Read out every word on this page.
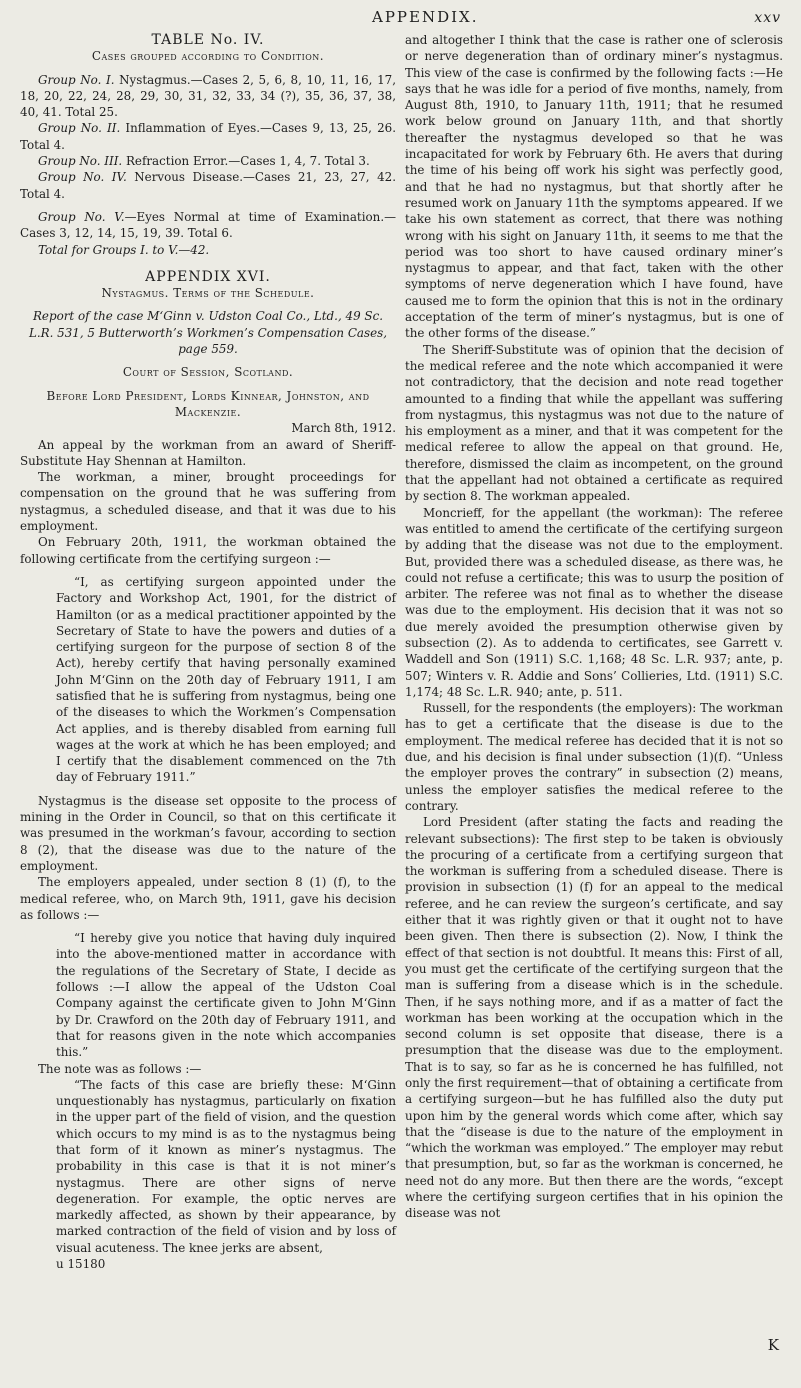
APPENDIX.	xxv

TABLE No. IV.

Cases grouped according to Condition.

Group No. I. Nystagmus.—Cases 2, 5, 6, 8, 10, 11, 16, 17, 18, 20, 22, 24, 28, 29, 30, 31, 32, 33, 34 (?), 35, 36, 37, 38, 40, 41. Total 25.

Group No. II. Inflammation of Eyes.—Cases 9, 13, 25, 26. Total 4.

Group No. III. Refraction Error.—Cases 1, 4, 7. Total 3.

Group No. IV. Nervous Disease.—Cases 21, 23, 27, 42. Total 4.

Group No. V.—Eyes Normal at time of Examination.—Cases 3, 12, 14, 15, 19, 39. Total 6.

Total for Groups I. to V.—42.

APPENDIX XVI.

Nystagmus. Terms of the Schedule.

Report of the case M‘Ginn v. Udston Coal Co., Ltd., 49 Sc. L.R. 531, 5 Butterworth’s Workmen’s Compensation Cases, page 559.

Court of Session, Scotland.

Before Lord President, Lords Kinnear, Johnston, and Mackenzie.

March 8th, 1912.

An appeal by the workman from an award of Sheriff-Substitute Hay Shennan at Hamilton.

The workman, a miner, brought proceedings for compensation on the ground that he was suffering from nystagmus, a scheduled disease, and that it was due to his employment.

On February 20th, 1911, the workman obtained the following certificate from the certifying surgeon :—

“I, as certifying surgeon appointed under the Factory and Workshop Act, 1901, for the district of Hamilton (or as a medical practitioner appointed by the Secretary of State to have the powers and duties of a certifying surgeon for the purpose of section 8 of the Act), hereby certify that having personally examined John M‘Ginn on the 20th day of February 1911, I am satisfied that he is suffering from nystagmus, being one of the diseases to which the Workmen’s Compensation Act applies, and is thereby disabled from earning full wages at the work at which he has been employed; and I certify that the disablement commenced on the 7th day of February 1911.”

Nystagmus is the disease set opposite to the process of mining in the Order in Council, so that on this certificate it was presumed in the workman’s favour, according to section 8 (2), that the disease was due to the nature of the employment.

The employers appealed, under section 8 (1) (f), to the medical referee, who, on March 9th, 1911, gave his decision as follows :—

“I hereby give you notice that having duly inquired into the above-mentioned matter in accordance with the regulations of the Secretary of State, I decide as follows :—I allow the appeal of the Udston Coal Company against the certificate given to John M‘Ginn by Dr. Crawford on the 20th day of February 1911, and that for reasons given in the note which accompanies this.”

The note was as follows :—

“The facts of this case are briefly these: M‘Ginn unquestionably has nystagmus, particularly on fixation in the upper part of the field of vision, and the question which occurs to my mind is as to the nystagmus being that form of it known as miner’s nystagmus. The probability in this case is that it is not miner’s nystagmus. There are other signs of nerve degeneration. For example, the optic nerves are markedly affected, as shown by their appearance, by marked contraction of the field of vision and by loss of visual acuteness. The knee jerks are absent,

u 15180

and altogether I think that the case is rather one of sclerosis or nerve degeneration than of ordinary miner’s nystagmus. This view of the case is confirmed by the following facts :—He says that he was idle for a period of five months, namely, from August 8th, 1910, to January 11th, 1911; that he resumed work below ground on January 11th, and that shortly thereafter the nystagmus developed so that he was incapacitated for work by February 6th. He avers that during the time of his being off work his sight was perfectly good, and that he had no nystagmus, but that shortly after he resumed work on January 11th the symptoms appeared. If we take his own statement as correct, that there was nothing wrong with his sight on January 11th, it seems to me that the period was too short to have caused ordinary miner’s nystagmus to appear, and that fact, taken with the other symptoms of nerve degeneration which I have found, have caused me to form the opinion that this is not in the ordinary acceptation of the term of miner’s nystagmus, but is one of the other forms of the disease.”

The Sheriff-Substitute was of opinion that the decision of the medical referee and the note which accompanied it were not contradictory, that the decision and note read together amounted to a finding that while the appellant was suffering from nystagmus, this nystagmus was not due to the nature of his employment as a miner, and that it was competent for the medical referee to allow the appeal on that ground. He, therefore, dismissed the claim as incompetent, on the ground that the appellant had not obtained a certificate as required by section 8. The workman appealed.

Moncrieff, for the appellant (the workman): The referee was entitled to amend the certificate of the certifying surgeon by adding that the disease was not due to the employment. But, provided there was a scheduled disease, as there was, he could not refuse a certificate; this was to usurp the position of arbiter. The referee was not final as to whether the disease was due to the employment. His decision that it was not so due merely avoided the presumption otherwise given by subsection (2). As to addenda to certificates, see Garrett v. Waddell and Son (1911) S.C. 1,168; 48 Sc. L.R. 937; ante, p. 507; Winters v. R. Addie and Sons’ Collieries, Ltd. (1911) S.C. 1,174; 48 Sc. L.R. 940; ante, p. 511.

Russell, for the respondents (the employers): The workman has to get a certificate that the disease is due to the employment. The medical referee has decided that it is not so due, and his decision is final under subsection (1)(f). “Unless the employer proves the contrary” in subsection (2) means, unless the employer satisfies the medical referee to the contrary.

Lord President (after stating the facts and reading the relevant subsections): The first step to be taken is obviously the procuring of a certificate from a certifying surgeon that the workman is suffering from a scheduled disease. There is provision in subsection (1) (f) for an appeal to the medical referee, and he can review the surgeon’s certificate, and say either that it was rightly given or that it ought not to have been given. Then there is subsection (2). Now, I think the effect of that section is not doubtful. It means this: First of all, you must get the certificate of the certifying surgeon that the man is suffering from a disease which is in the schedule. Then, if he says nothing more, and if as a matter of fact the workman has been working at the occupation which in the second column is set opposite that disease, there is a presumption that the disease was due to the employment. That is to say, so far as he is concerned he has fulfilled, not only the first requirement—that of obtaining a certificate from a certifying surgeon—but he has fulfilled also the duty put upon him by the general words which come after, which say that the “disease is due to the nature of the employment in “which the workman was employed.” The employer may rebut that presumption, but, so far as the workman is concerned, he need not do any more. But then there are the words, “except where the certifying surgeon certifies that in his opinion the disease was not

K
